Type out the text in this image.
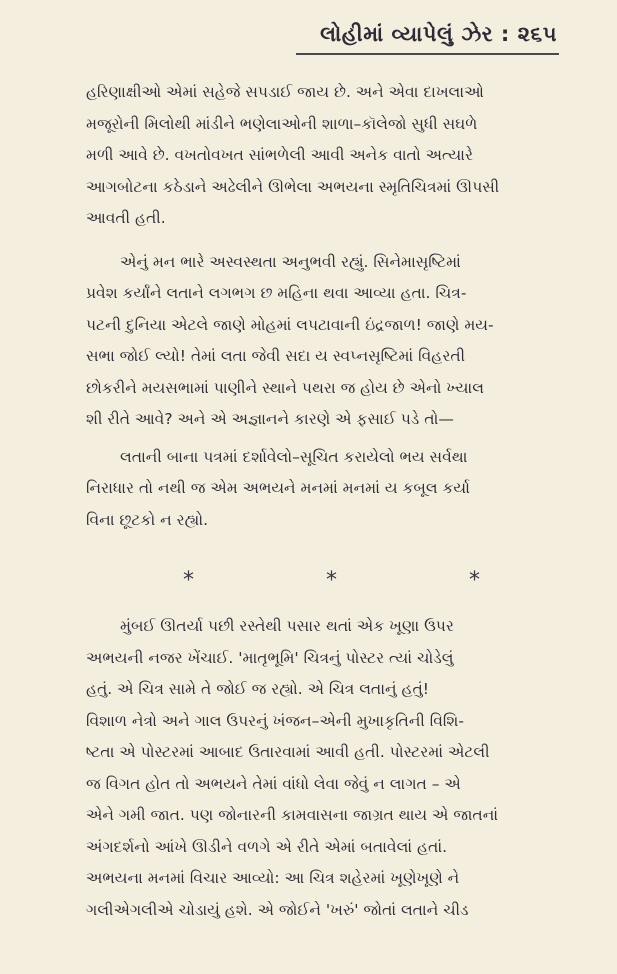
લોહીમાં વ્યાપેલું ઝેર : ૨૬૫
હરિણાક્ષીઓ એમાં સહેજે સપડાઈ જાય છે. અને એવા દાખલાઓ
મજૂરોની મિલોથી માંડીને ભણેલાઓની શાળા–કૉલેજો સુધી સઘળે
મળી આવે છે. વખતોવખત સાંભળેલી આવી અનેક વાતો અત્યારે
આગબોટના કઠેડાને અઢેલીને ઊભેલા અભયના સ્મૃતિચિત્રમાં ઊપસી
આવતી હતી.
એનું મન ભારે અસ્વસ્થતા અનુભવી રહ્યું. સિનેમાસૃષ્ટિમાં
પ્રવેશ કર્યાંને લતાને લગભગ છ મહિના થવા આવ્યા હતા. ચિત્ર-
પટની દુનિયા એટલે જાણે મોહમાં લપટાવાની ઇંદ્રજાળ! જાણે મય-
સભા જોઈ લ્યો! તેમાં લતા જેવી સદા ય સ્વપ્નસૃષ્ટિમાં વિહરતી
છોકરીને મયસભામાં પાણીને સ્થાને પથરા જ હોય છે એનો ખ્યાલ
શી રીતે આવે? અને એ અજ્ઞાનને કારણે એ ફસાઈ પડે તો—
લતાની બાના પત્રમાં દર્શાવેલો–સૂચિત કરાયેલો ભય સર્વથા
નિરાધાર તો નથી જ એમ અભયને મનમાં મનમાં ય કબૂલ કર્યા
વિના છૂટકો ન રહ્યો.
*	*	*
મુંબઈ ઊતર્યા પછી રસ્તેથી પસાર થતાં એક ખૂણા ઉપર
અભયની નજર ખેંચાઈ. 'માતૃભૂમિ' ચિત્રનું પોસ્ટર ત્યાં ચોડેલું
હતું. એ ચિત્ર સામે તે જોઈ જ રહ્યો. એ ચિત્ર લતાનું હતું!
વિશાળ નેત્રો અને ગાલ ઉપરનું ખંજન–એની મુખાકૃતિની વિશિ-
ષ્ટતા એ પોસ્ટરમાં આબાદ ઉતારવામાં આવી હતી. પોસ્ટરમાં એટલી
જ વિગત હોત તો અભયને તેમાં વાંધો લેવા જેવું ન લાગત – એ
એને ગમી જાત. પણ જોનારની કામવાસના જાગ્રત થાય એ જાતનાં
અંગદર્શનો આંખે ઊડીને વળગે એ રીતે એમાં બતાવેલાં હતાં.
અભયના મનમાં વિચાર આવ્યો: આ ચિત્ર શહેરમાં ખૂણેખૂણે ને
ગલીએગલીએ ચોડાયું હશે. એ જોઈને 'ખરું' જોતાં લતાને ચીડ
